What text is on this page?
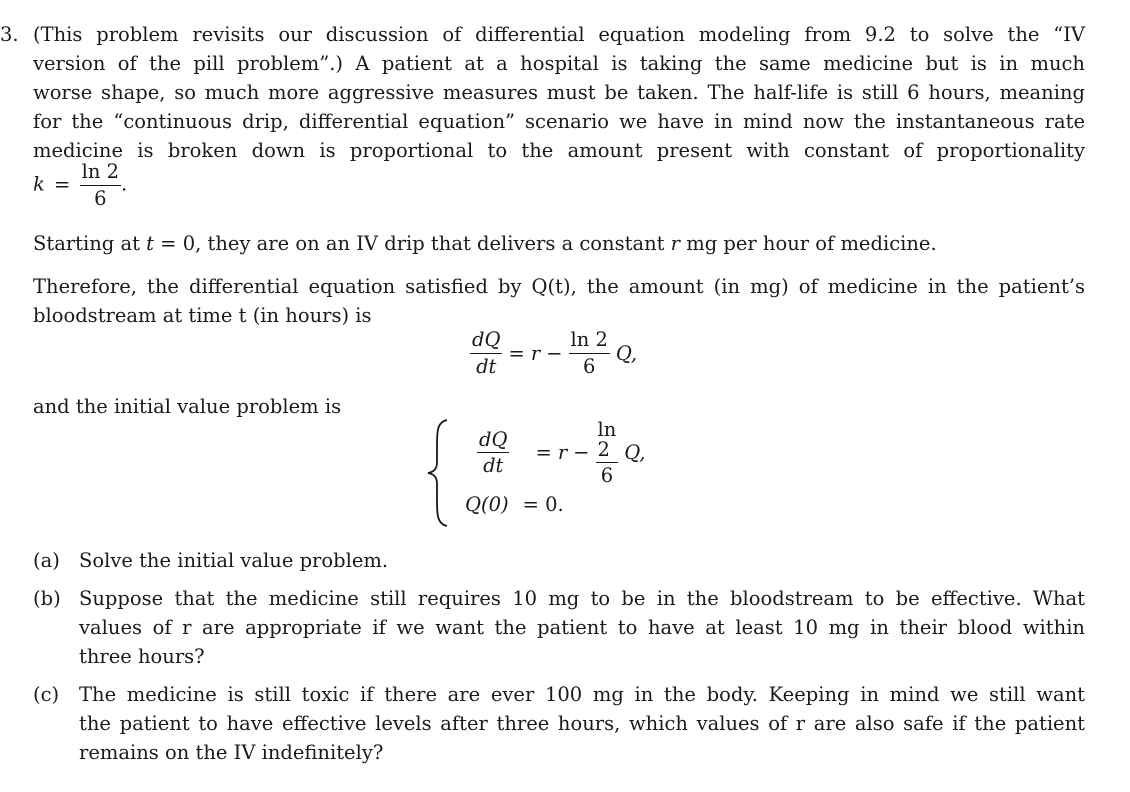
3. (This problem revisits our discussion of differential equation modeling from 9.2 to solve the “IV
version of the pill problem”.) A patient at a hospital is taking the same medicine but is in much
worse shape, so much more aggressive measures must be taken. The half-life is still 6 hours, meaning
for the “continuous drip, differential equation” scenario we have in mind now the instantaneous rate
medicine is broken down is proportional to the amount present with constant of proportionality
$k = \frac{\ln 2}{6}$ .
Starting at t = 0, they are on an IV drip that delivers a constant r mg per hour of medicine.
Therefore, the differential equation satisfied by Q(t), the amount (in mg) of medicine in the patient’s
bloodstream at time t (in hours) is
$\frac{dQ}{dt} = r - \frac{\ln 2}{6} Q$,
and the initial value problem is
$\frac{dQ}{dt} = r - \frac{\ln 2}{6} Q$,
Q(0) = 0.
(a) Solve the initial value problem.
(b) Suppose that the medicine still requires 10 mg to be in the bloodstream to be effective. What
values of r are appropriate if we want the patient to have at least 10 mg in their blood within
three hours?
(c) The medicine is still toxic if there are ever 100 mg in the body. Keeping in mind we still want
the patient to have effective levels after three hours, which values of r are also safe if the patient
remains on the IV indefinitely?
